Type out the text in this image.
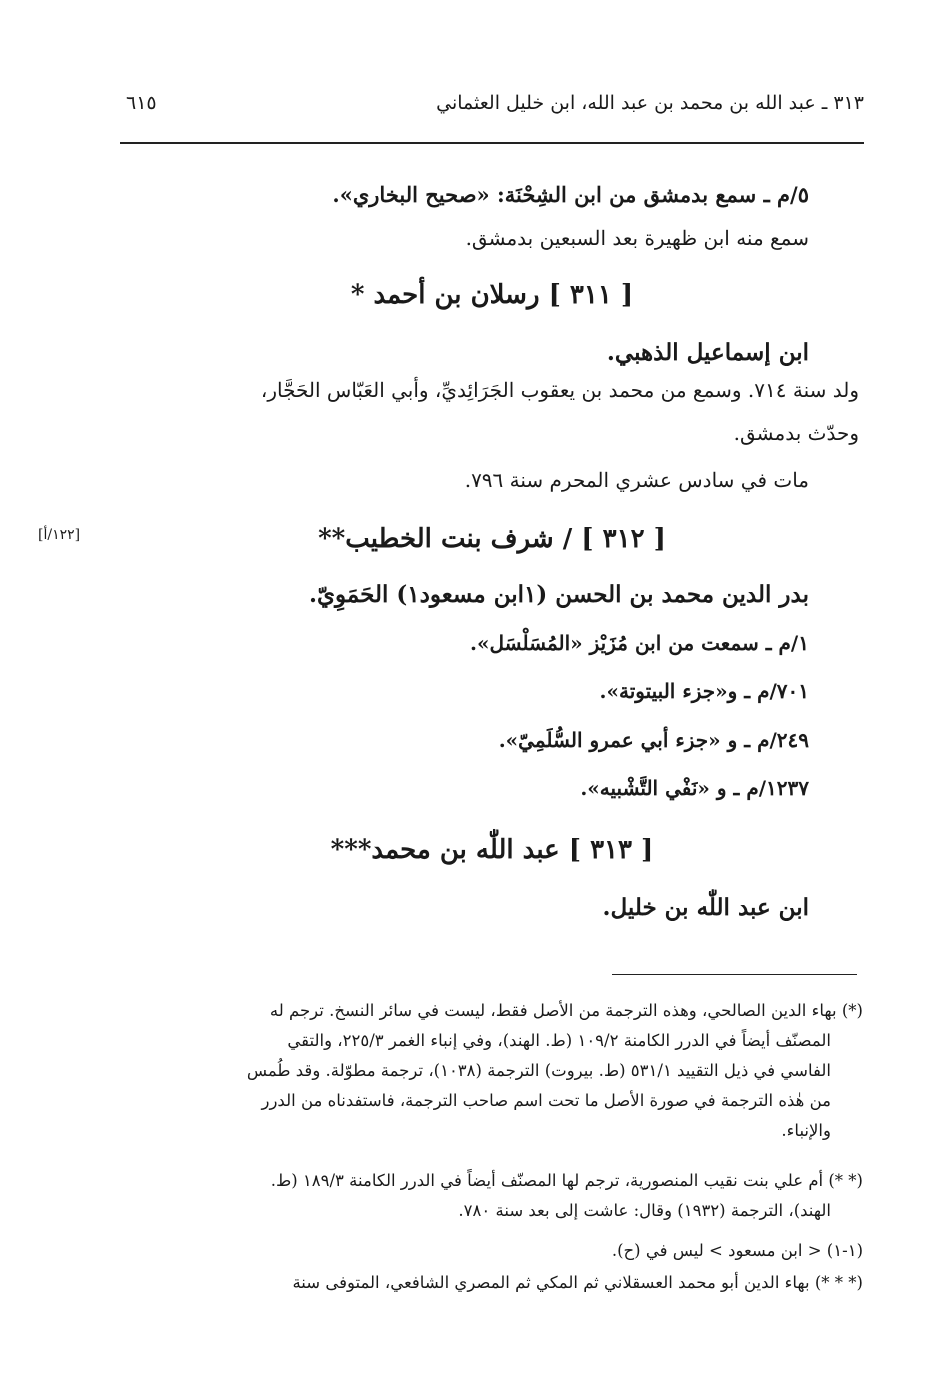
٦١٥	٣١٣ ـ عبد الله بن محمد بن عبد الله، ابن خليل العثماني
[١٢٢/أ]
٥/م ـ سمع بدمشق من ابن الشِحْنَة: «صحيح البخاري».
سمع منه ابن ظهيرة بعد السبعين بدمشق.
[ ٣١١ ] رسلان بن أحمد *
ابن إسماعيل الذهبي.
ولد سنة ٧١٤. وسمع من محمد بن يعقوب الجَرَائِديِّ، وأبي العَبّاس الحَجَّار،
وحدّث بدمشق.
مات في سادس عشري المحرم سنة ٧٩٦.
[ ٣١٢ ] / شرف بنت الخطيب**
بدر الدين محمد بن الحسن (١ابن مسعود١) الحَمَوِيّ.
١/م ـ سمعت من ابن مُزَيْز «المُسَلْسَل».
٧٠١/م ـ و«جزء البيتوتة».
٢٤٩/م ـ و «جزء أبي عمرو السُّلَمِيّ».
١٢٣٧/م ـ و «نَفْي التَّشْبيه».
[ ٣١٣ ] عبد اللّٰه بن محمد***
ابن عبد اللّٰه بن خليل.
(*) بهاء الدين الصالحي، وهذه الترجمة من الأصل فقط، ليست في سائر النسخ. ترجم له
المصنّف أيضاً في الدرر الكامنة ١٠٩/٢ (ط. الهند)، وفي إنباء الغمر ٢٢٥/٣، والتقي
الفاسي في ذيل التقييد ٥٣١/١ (ط. بيروت) الترجمة (١٠٣٨)، ترجمة مطوّلة. وقد طُمس
من هٰذه الترجمة في صورة الأصل ما تحت اسم صاحب الترجمة، فاستفدناه من الدرر
والإنباء.
(* *) أم علي بنت نقيب المنصورية، ترجم لها المصنّف أيضاً في الدرر الكامنة ١٨٩/٣ (ط.
الهند)، الترجمة (١٩٣٢) وقال: عاشت إلى بعد سنة ٧٨٠.
(١-١) < ابن مسعود > ليس في (ح).
(* * *) بهاء الدين أبو محمد العسقلاني ثم المكي ثم المصري الشافعي، المتوفى سنة
